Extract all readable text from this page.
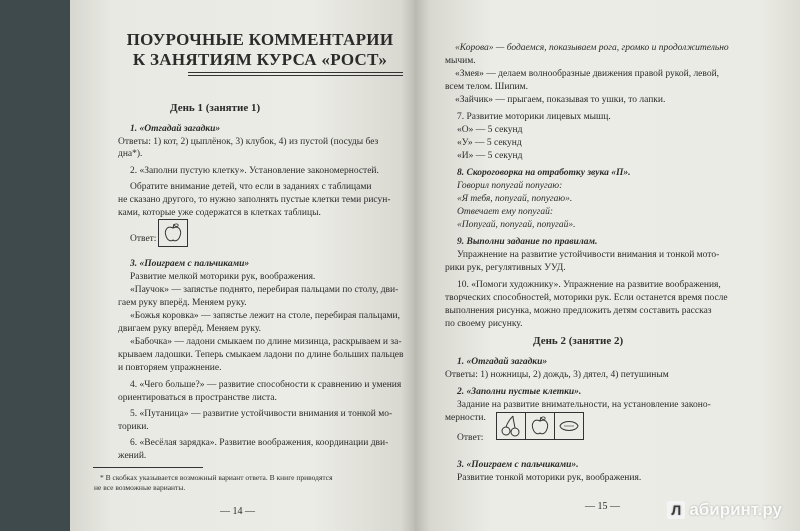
ПОУРОЧНЫЕ КОММЕНТАРИИ
К ЗАНЯТИЯМ КУРСА «РОСТ»
День 1 (занятие 1)
1. «Отгадай загадки»
Ответы: 1) кот, 2) цыплёнок, 3) клубок, 4) из пустой (посуды без
дна*).
2. «Заполни пустую клетку». Установление закономерностей.
Обратите внимание детей, что если в заданиях с таблицами
не сказано другого, то нужно заполнять пустые клетки теми рисун-
ками, которые уже содержатся в клетках таблицы.
Ответ:
3. «Поиграем с пальчиками»
Развитие мелкой моторики рук, воображения.
«Паучок» — запястье поднято, перебирая пальцами по столу, дви-
гаем руку вперёд. Меняем руку.
«Божья коровка» — запястье лежит на столе, перебирая пальцами,
двигаем руку вперёд. Меняем руку.
«Бабочка» — ладони смыкаем по длине мизинца, раскрываем и за-
крываем ладошки. Теперь смыкаем ладони по длине больших пальцев
и повторяем упражнение.
4. «Чего больше?» — развитие способности к сравнению и умения
ориентироваться в пространстве листа.
5. «Путаница» — развитие устойчивости внимания и тонкой мо-
торики.
6. «Весёлая зарядка». Развитие воображения, координации дви-
жений.
* В скобках указывается возможный вариант ответа. В книге приводятся
не все возможные варианты.
— 14 —
«Корова» — бодаемся, показываем рога, громко и продолжительно
мычим.
«Змея» — делаем волнообразные движения правой рукой, левой,
всем телом. Шипим.
«Зайчик» — прыгаем, показывая то ушки, то лапки.
7. Развитие моторики лицевых мышц.
«О» — 5 секунд
«У» — 5 секунд
«И» — 5 секунд
8. Скороговорка на отработку звука «П».
Говорил попугай попугаю:
«Я тебя, попугай, попугаю».
Отвечает ему попугай:
«Попугай, попугай, попугай».
9. Выполни задание по правилам.
Упражнение на развитие устойчивости внимания и тонкой мото-
рики рук, регулятивных УУД.
10. «Помоги художнику». Упражнение на развитие воображения,
творческих способностей, моторики рук. Если останется время после
выполнения рисунка, можно предложить детям составить рассказ
по своему рисунку.
День 2 (занятие 2)
1. «Отгадай загадки»
Ответы: 1) ножницы, 2) дождь, 3) дятел, 4) петушиным
2. «Заполни пустые клетки».
Задание на развитие внимательности, на установление законо-
мерности.
Ответ:
3. «Поиграем с пальчиками».
Развитие тонкой моторики рук, воображения.
— 15 —	Л абиринт.ру
